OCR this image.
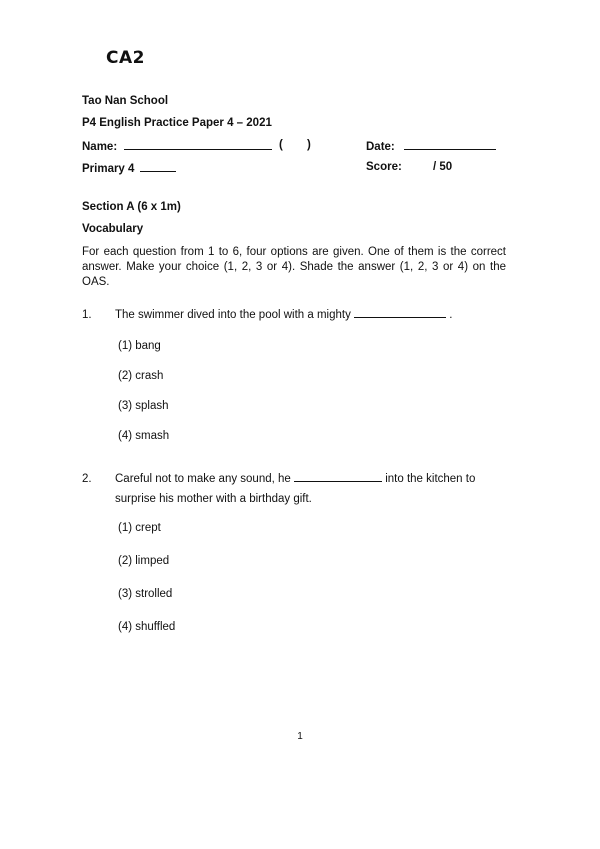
CA2
Tao Nan School
P4 English Practice Paper 4 – 2021
Name:	( )	Date:
Primary 4	Score:	/ 50
Section A (6 x 1m)
Vocabulary
For each question from 1 to 6, four options are given. One of them is the correct answer. Make your choice (1, 2, 3 or 4). Shade the answer (1, 2, 3 or 4) on the OAS.
1. The swimmer dived into the pool with a mighty	.
(1) bang
(2) crash
(3) splash
(4) smash
2. Careful not to make any sound, he	into the kitchen to surprise his mother with a birthday gift.
(1) crept
(2) limped
(3) strolled
(4) shuffled
1
